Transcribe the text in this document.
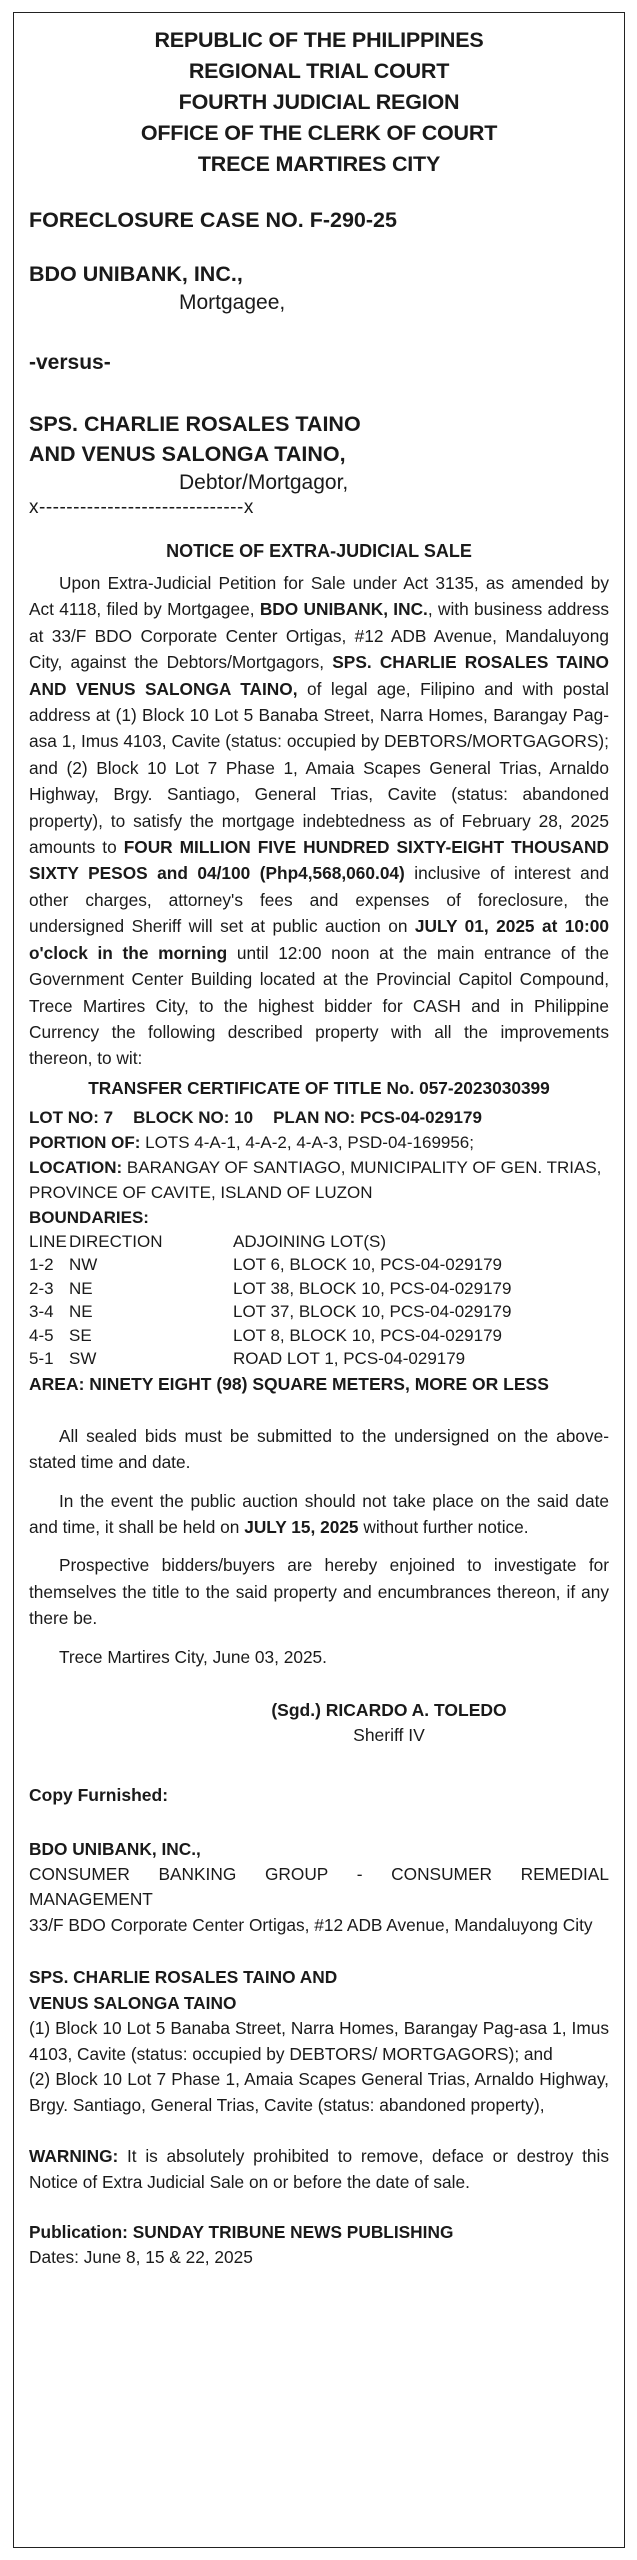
REPUBLIC OF THE PHILIPPINES
REGIONAL TRIAL COURT
FOURTH JUDICIAL REGION
OFFICE OF THE CLERK OF COURT
TRECE MARTIRES CITY
FORECLOSURE CASE NO. F-290-25
BDO UNIBANK, INC.,
Mortgagee,
-versus-
SPS. CHARLIE ROSALES TAINO
AND VENUS SALONGA TAINO,
Debtor/Mortgagor,
x------------------------------x
NOTICE OF EXTRA-JUDICIAL SALE

Upon Extra-Judicial Petition for Sale under Act 3135, as amended by Act 4118, filed by Mortgagee, BDO UNIBANK, INC., with business address at 33/F BDO Corporate Center Ortigas, #12 ADB Avenue, Mandaluyong City, against the Debtors/Mortgagors, SPS. CHARLIE ROSALES TAINO AND VENUS SALONGA TAINO, of legal age, Filipino and with postal address at (1) Block 10 Lot 5 Banaba Street, Narra Homes, Barangay Pag-asa 1, Imus 4103, Cavite (status: occupied by DEBTORS/MORTGAGORS); and (2) Block 10 Lot 7 Phase 1, Amaia Scapes General Trias, Arnaldo Highway, Brgy. Santiago, General Trias, Cavite (status: abandoned property), to satisfy the mortgage indebtedness as of February 28, 2025 amounts to FOUR MILLION FIVE HUNDRED SIXTY-EIGHT THOUSAND SIXTY PESOS and 04/100 (Php4,568,060.04) inclusive of interest and other charges, attorney's fees and expenses of foreclosure, the undersigned Sheriff will set at public auction on JULY 01, 2025 at 10:00 o'clock in the morning until 12:00 noon at the main entrance of the Government Center Building located at the Provincial Capitol Compound, Trece Martires City, to the highest bidder for CASH and in Philippine Currency the following described property with all the improvements thereon, to wit:

TRANSFER CERTIFICATE OF TITLE No. 057-2023030399
LOT NO: 7 BLOCK NO: 10 PLAN NO: PCS-04-029179
PORTION OF: LOTS 4-A-1, 4-A-2, 4-A-3, PSD-04-169956;
LOCATION: BARANGAY OF SANTIAGO, MUNICIPALITY OF GEN. TRIAS, PROVINCE OF CAVITE, ISLAND OF LUZON
BOUNDARIES:
LINE	DIRECTION	ADJOINING LOT(S)
1-2	NW	LOT 6, BLOCK 10, PCS-04-029179
2-3	NE	LOT 38, BLOCK 10, PCS-04-029179
3-4	NE	LOT 37, BLOCK 10, PCS-04-029179
4-5	SE	LOT 8, BLOCK 10, PCS-04-029179
5-1	SW	ROAD LOT 1, PCS-04-029179
AREA: NINETY EIGHT (98) SQUARE METERS, MORE OR LESS

All sealed bids must be submitted to the undersigned on the above-stated time and date.

In the event the public auction should not take place on the said date and time, it shall be held on JULY 15, 2025 without further notice.

Prospective bidders/buyers are hereby enjoined to investigate for themselves the title to the said property and encumbrances thereon, if any there be.

Trece Martires City, June 03, 2025.

(Sgd.) RICARDO A. TOLEDO
Sheriff IV
Copy Furnished:
BDO UNIBANK, INC.,
CONSUMER BANKING GROUP - CONSUMER REMEDIAL MANAGEMENT
33/F BDO Corporate Center Ortigas, #12 ADB Avenue, Mandaluyong City
SPS. CHARLIE ROSALES TAINO AND
VENUS SALONGA TAINO
(1) Block 10 Lot 5 Banaba Street, Narra Homes, Barangay Pag-asa 1, Imus 4103, Cavite (status: occupied by DEBTORS/ MORTGAGORS); and
(2) Block 10 Lot 7 Phase 1, Amaia Scapes General Trias, Arnaldo Highway, Brgy. Santiago, General Trias, Cavite (status: abandoned property),
WARNING: It is absolutely prohibited to remove, deface or destroy this Notice of Extra Judicial Sale on or before the date of sale.
Publication: SUNDAY TRIBUNE NEWS PUBLISHING
Dates: June 8, 15 & 22, 2025
